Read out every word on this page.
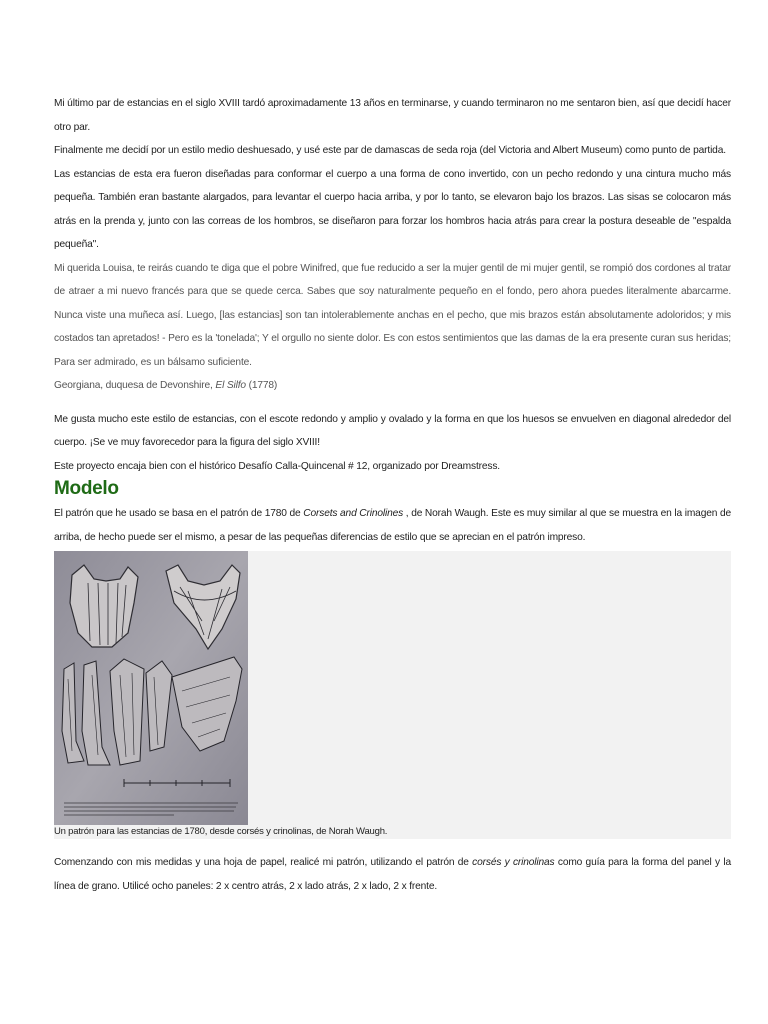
Mi último par de estancias en el siglo XVIII tardó aproximadamente 13 años en terminarse, y cuando terminaron no me sentaron bien, así que decidí hacer otro par.

Finalmente me decidí por un estilo medio deshuesado, y usé este par de damascas de seda roja (del Victoria and Albert Museum) como punto de partida.

Las estancias de esta era fueron diseñadas para conformar el cuerpo a una forma de cono invertido, con un pecho redondo y una cintura mucho más pequeña. También eran bastante alargados, para levantar el cuerpo hacia arriba, y por lo tanto, se elevaron bajo los brazos. Las sisas se colocaron más atrás en la prenda y, junto con las correas de los hombros, se diseñaron para forzar los hombros hacia atrás para crear la postura deseable de "espalda pequeña".

Mi querida Louisa, te reirás cuando te diga que el pobre Winifred, que fue reducido a ser la mujer gentil de mi mujer gentil, se rompió dos cordones al tratar de atraer a mi nuevo francés para que se quede cerca. Sabes que soy naturalmente pequeño en el fondo, pero ahora puedes literalmente abarcarme. Nunca viste una muñeca así. Luego, [las estancias] son tan intolerablemente anchas en el pecho, que mis brazos están absolutamente adoloridos; y mis costados tan apretados! - Pero es la 'tonelada'; Y el orgullo no siente dolor. Es con estos sentimientos que las damas de la era presente curan sus heridas; Para ser admirado, es un bálsamo suficiente.

Georgiana, duquesa de Devonshire, El Silfo (1778)

Me gusta mucho este estilo de estancias, con el escote redondo y amplio y ovalado y la forma en que los huesos se envuelven en diagonal alrededor del cuerpo. ¡Se ve muy favorecedor para la figura del siglo XVIII!

Este proyecto encaja bien con el histórico Desafío Calla-Quincenal # 12, organizado por Dreamstress.

Modelo

El patrón que he usado se basa en el patrón de 1780 de Corsets and Crinolines , de Norah Waugh. Este es muy similar al que se muestra en la imagen de arriba, de hecho puede ser el mismo, a pesar de las pequeñas diferencias de estilo que se aprecian en el patrón impreso.

Un patrón para las estancias de 1780, desde corsés y crinolinas, de Norah Waugh.

Comenzando con mis medidas y una hoja de papel, realicé mi patrón, utilizando el patrón de corsés y crinolinas como guía para la forma del panel y la línea de grano. Utilicé ocho paneles: 2 x centro atrás, 2 x lado atrás, 2 x lado, 2 x frente.
